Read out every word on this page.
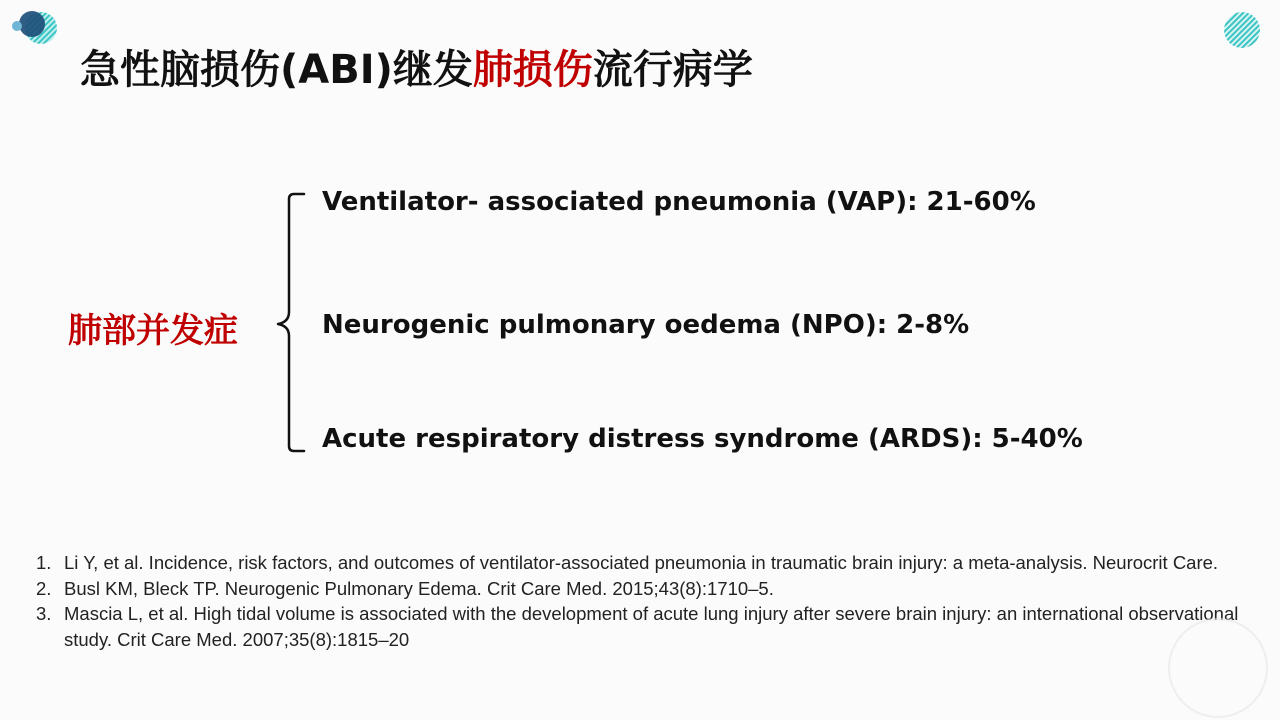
急性脑损伤(ABI)继发肺损伤流行病学
肺部并发症
Ventilator- associated pneumonia (VAP): 21-60%
Neurogenic pulmonary oedema (NPO): 2-8%
Acute respiratory distress syndrome (ARDS): 5-40%
1. Li Y, et al. Incidence, risk factors, and outcomes of ventilator-associated pneumonia in traumatic brain injury: a meta-analysis. Neurocrit Care.
2. Busl KM, Bleck TP. Neurogenic Pulmonary Edema. Crit Care Med. 2015;43(8):1710–5.
3. Mascia L, et al. High tidal volume is associated with the development of acute lung injury after severe brain injury: an international observational study. Crit Care Med. 2007;35(8):1815–20
